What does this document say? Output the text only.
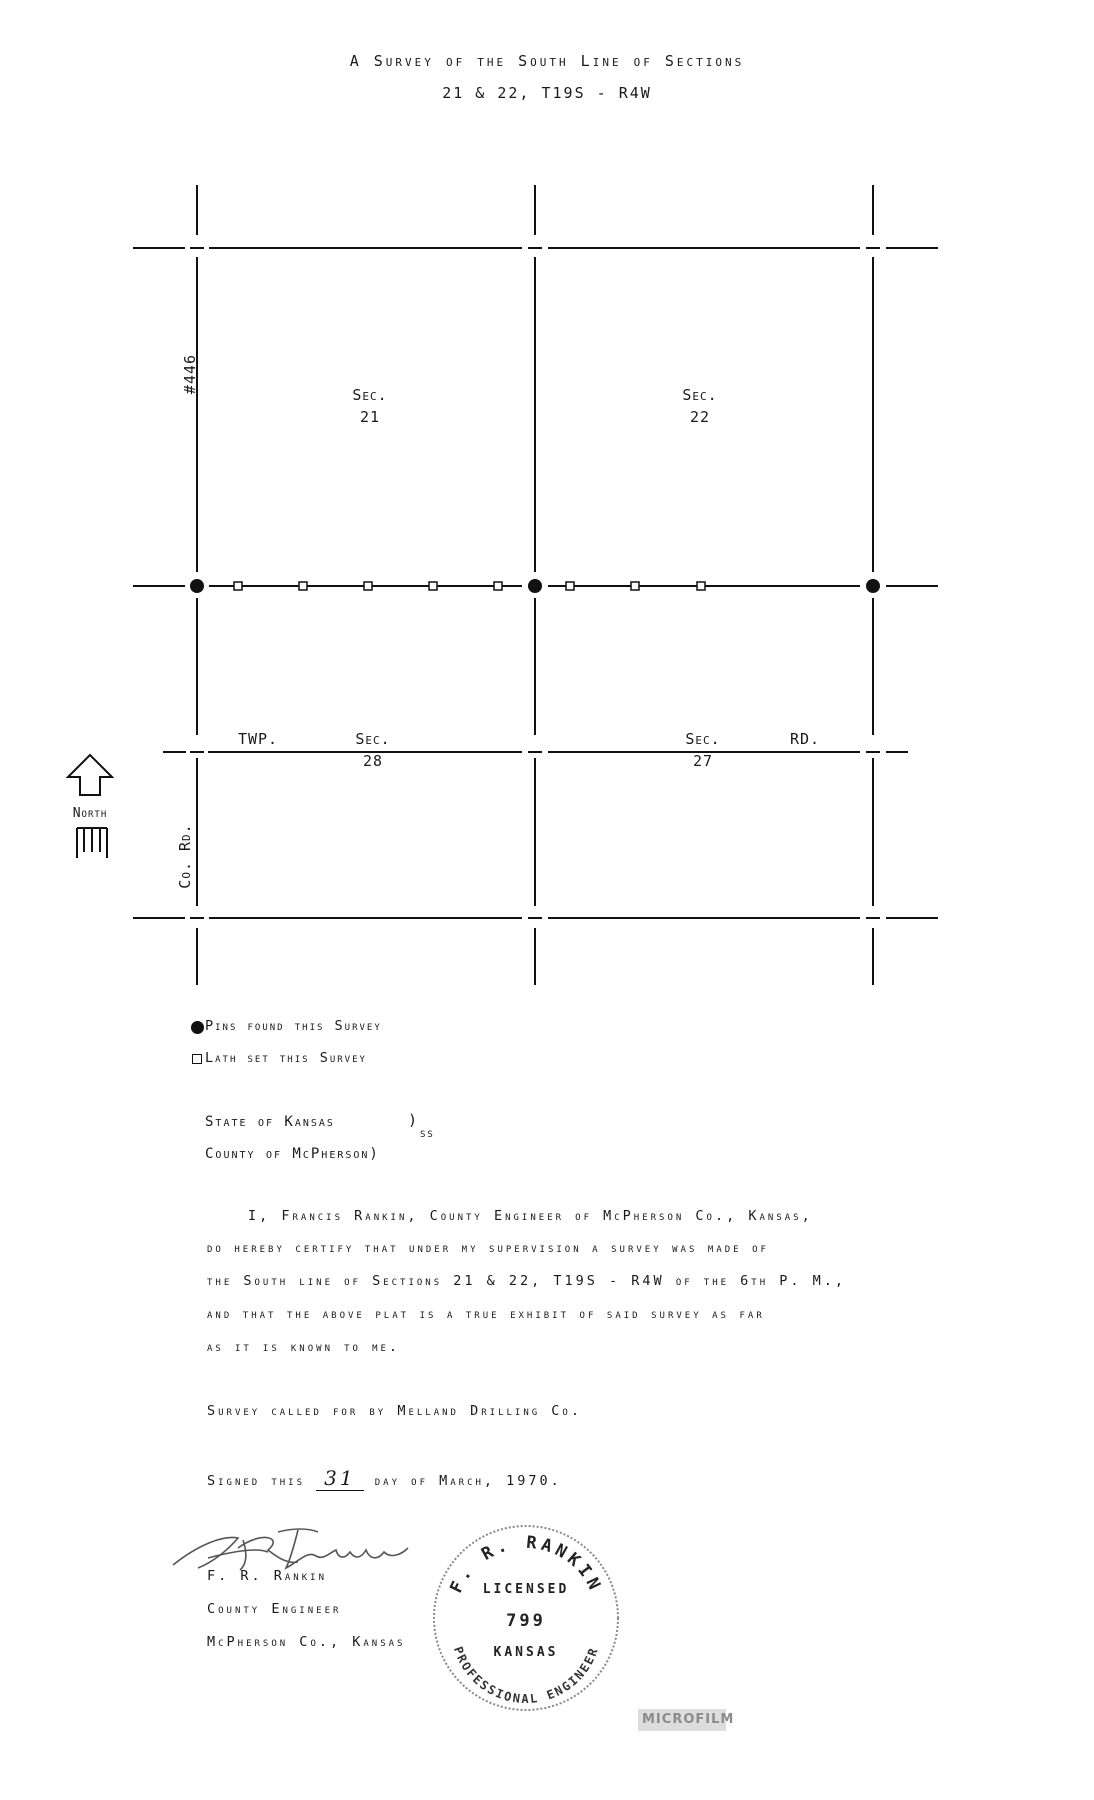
A Survey of the South Line of Sections
21 & 22, T19S - R4W
#446
Sec.
21
Sec.
22
TWP.	Sec.
28
Sec.
27
RD.
Co. Rd.
North
Pins found this Survey
Lath set this Survey
State of Kansas	)
ss
County of McPherson)
I, Francis Rankin, County Engineer of McPherson Co., Kansas,
do hereby certify that under my supervision a survey was made of
the South line of Sections 21 & 22, T19S - R4W of the 6th P. M.,
and that the above plat is a true exhibit of said survey as far
as it is known to me.
Survey called for by Melland Drilling Co.
Signed this 31 day of March, 1970.
F. R. Rankin
County Engineer
McPherson Co., Kansas
F. R. RANKIN
LICENSED
799
KANSAS
PROFESSIONAL ENGINEER
MICROFILM
